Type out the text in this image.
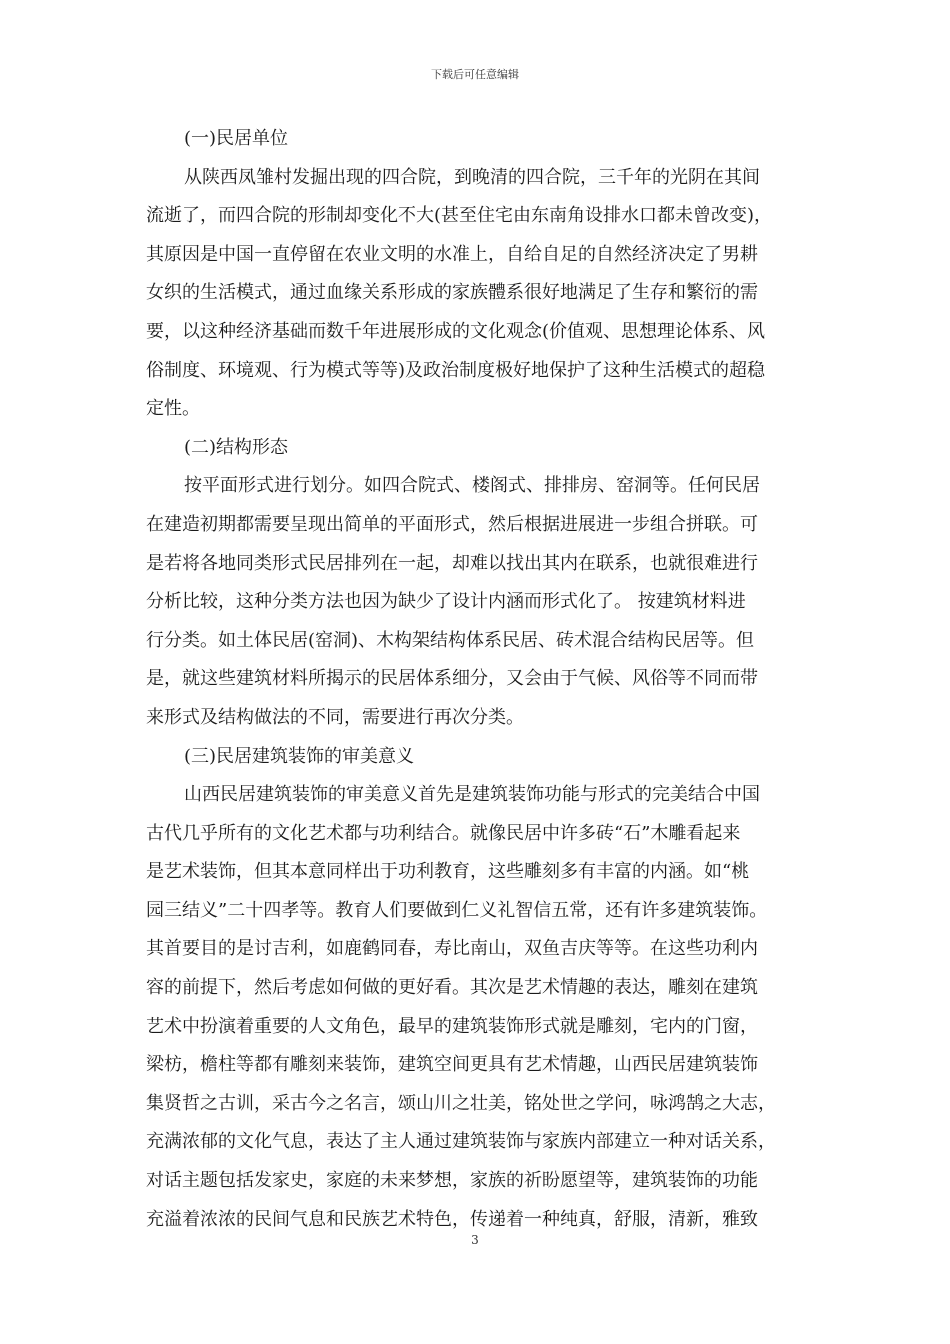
下载后可任意编辑
(一)民居单位
从陕西凤雏村发掘出现的四合院，到晚清的四合院，三千年的光阴在其间
流逝了，而四合院的形制却变化不大(甚至住宅由东南角设排水口都未曾改变)，
其原因是中国一直停留在农业文明的水准上，自给自足的自然经济决定了男耕
女织的生活模式，通过血缘关系形成的家族體系很好地满足了生存和繁衍的需
要，以这种经济基础而数千年进展形成的文化观念(价值观、思想理论体系、风
俗制度、环境观、行为模式等等)及政治制度极好地保护了这种生活模式的超稳
定性。
(二)结构形态
按平面形式进行划分。如四合院式、楼阁式、排排房、窑洞等。任何民居
在建造初期都需要呈现出简单的平面形式，然后根据进展进一步组合拼联。可
是若将各地同类形式民居排列在一起，却难以找出其内在联系，也就很难进行
分析比较，这种分类方法也因为缺少了设计内涵而形式化了。 按建筑材料进
行分类。如土体民居(窑洞)、木构架结构体系民居、砖术混合结构民居等。但
是，就这些建筑材料所揭示的民居体系细分，又会由于气候、风俗等不同而带
来形式及结构做法的不同，需要进行再次分类。
(三)民居建筑装饰的审美意义
山西民居建筑装饰的审美意义首先是建筑装饰功能与形式的完美结合中国
古代几乎所有的文化艺术都与功利结合。就像民居中许多砖“石”木雕看起来
是艺术装饰，但其本意同样出于功利教育，这些雕刻多有丰富的内涵。如“桃
园三结义”二十四孝等。教育人们要做到仁义礼智信五常，还有许多建筑装饰。
其首要目的是讨吉利，如鹿鹤同春，寿比南山，双鱼吉庆等等。在这些功利内
容的前提下，然后考虑如何做的更好看。其次是艺术情趣的表达，雕刻在建筑
艺术中扮演着重要的人文角色，最早的建筑装饰形式就是雕刻，宅内的门窗，
梁枋，檐柱等都有雕刻来装饰，建筑空间更具有艺术情趣，山西民居建筑装饰
集贤哲之古训，采古今之名言，颂山川之壮美，铭处世之学问，咏鸿鹄之大志，
充满浓郁的文化气息，表达了主人通过建筑装饰与家族内部建立一种对话关系，
对话主题包括发家史，家庭的未来梦想，家族的祈盼愿望等，建筑装饰的功能
充溢着浓浓的民间气息和民族艺术特色，传递着一种纯真，舒服，清新，雅致
3
